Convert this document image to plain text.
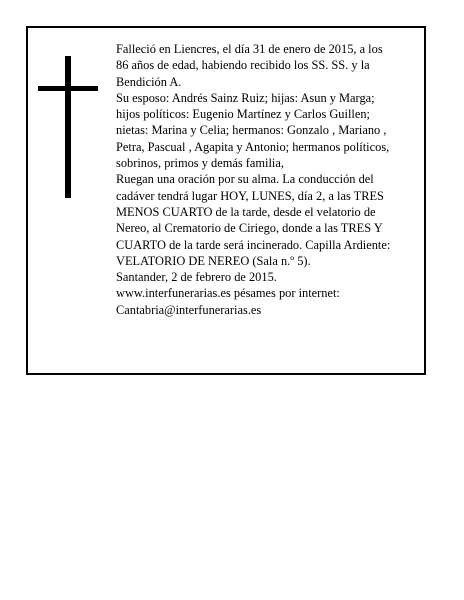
Falleció en Liencres, el día 31 de enero de 2015, a los
86 años de edad, habiendo recibido los SS. SS. y la
Bendición A.
Su esposo: Andrés Sainz Ruiz; hijas: Asun y Marga;
hijos políticos: Eugenio Martínez y Carlos Guillen;
nietas: Marina y Celia; hermanos: Gonzalo , Mariano ,
Petra, Pascual , Agapita y Antonio; hermanos políticos,
sobrinos, primos y demás familia,
Ruegan una oración por su alma. La conducción del
cadáver tendrá lugar HOY, LUNES, día 2, a las TRES
MENOS CUARTO de la tarde, desde el velatorio de
Nereo, al Crematorio de Ciriego, donde a las TRES Y
CUARTO de la tarde será incinerado. Capilla Ardiente:
VELATORIO DE NEREO (Sala n.º 5).
Santander, 2 de febrero de 2015.
www.interfunerarias.es pésames por internet:
Cantabria@interfunerarias.es
